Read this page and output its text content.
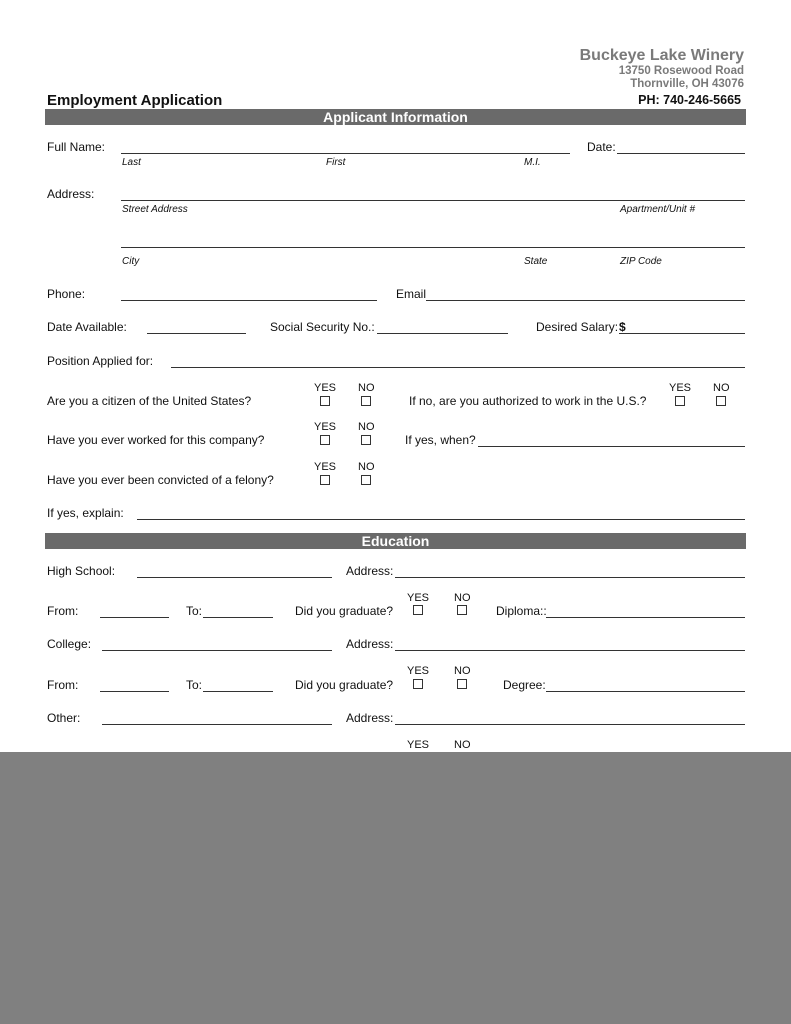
Buckeye Lake Winery
13750 Rosewood Road
Thornville, OH 43076
PH: 740-246-5665
Employment Application
Applicant Information
Full Name:
Last	First	M.I.
Date:
Address:
Street Address	Apartment/Unit #
City	State	ZIP Code
Phone:	Email
Date Available:	Social Security No.:	Desired Salary: $
Position Applied for:
Are you a citizen of the United States?
YES NO
If no, are you authorized to work in the U.S.?
YES NO
Have you ever worked for this company?
YES NO
If yes, when?
Have you ever been convicted of a felony?
YES NO
If yes, explain:
Education
High School:	Address:
YES NO
From:	To:	Did you graduate?	Diploma::
College:	Address:
YES NO
From:	To:	Did you graduate?	Degree:
Other:	Address:
YES NO
